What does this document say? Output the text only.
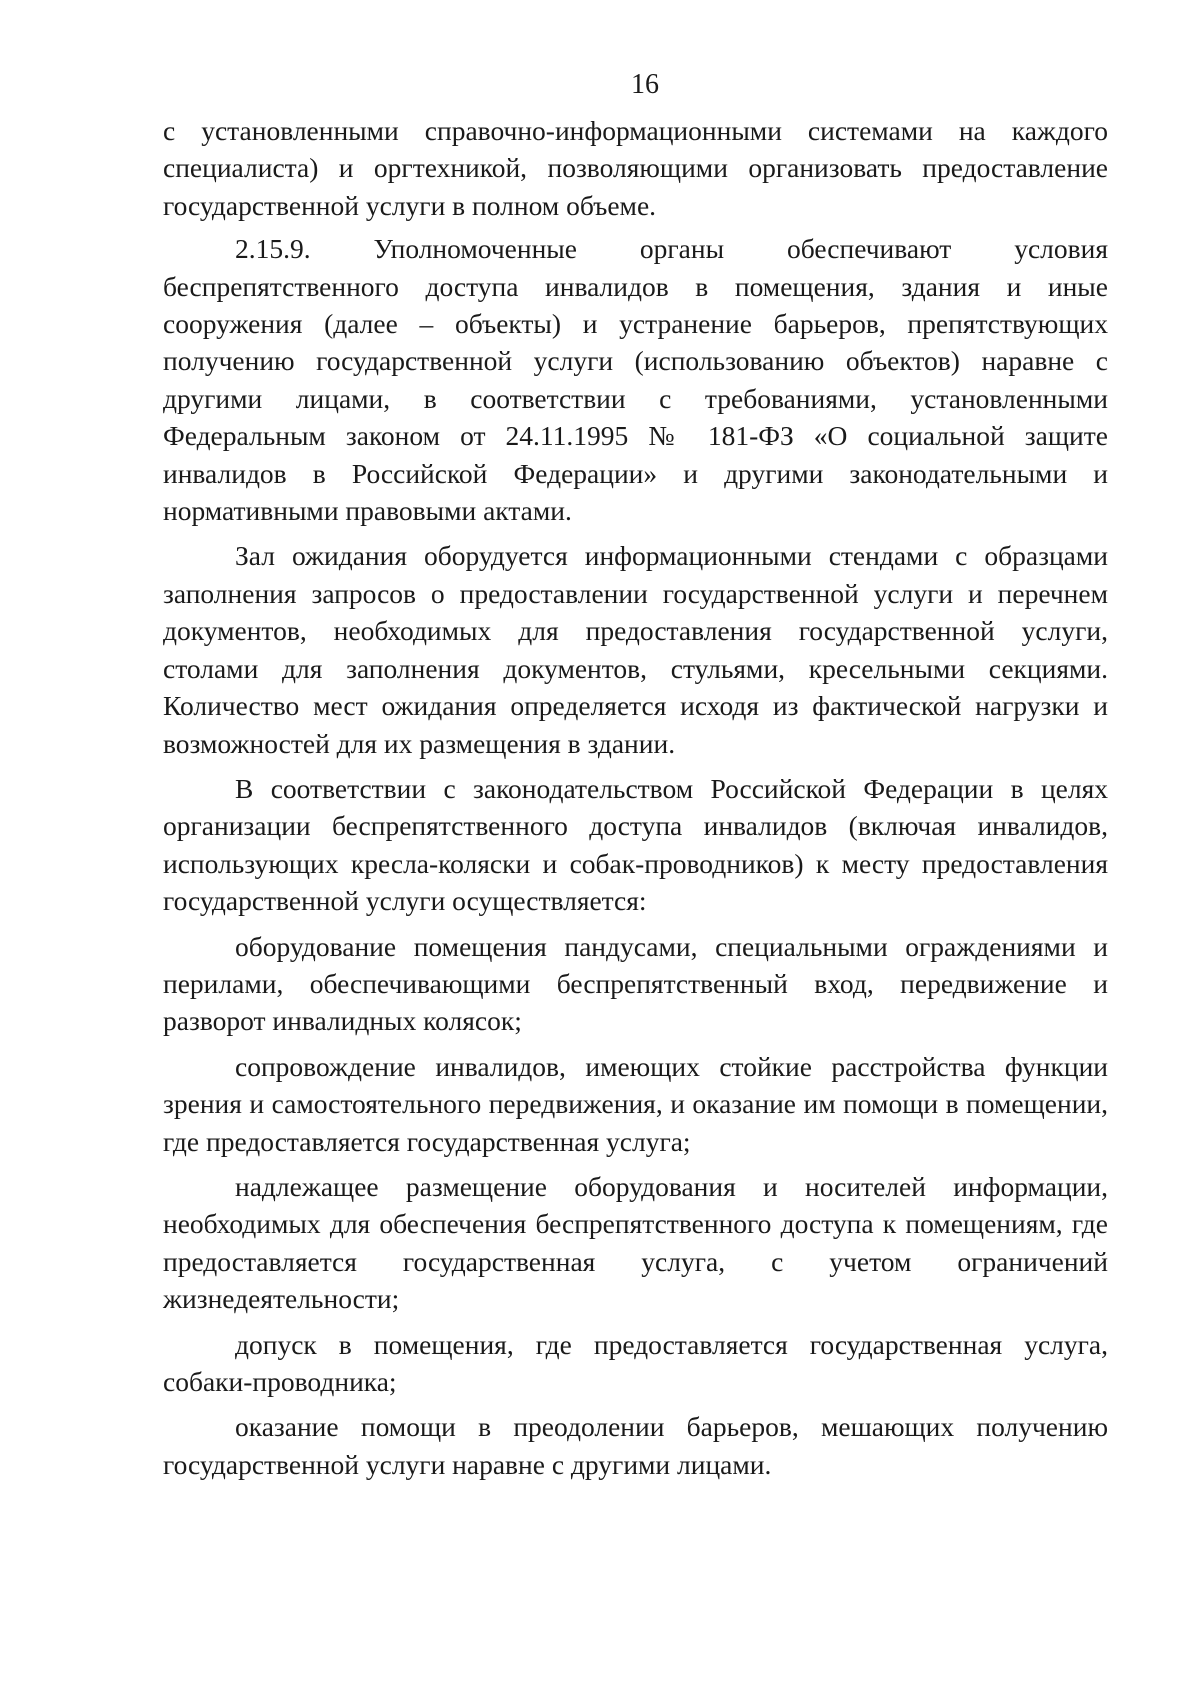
16

с установленными справочно-информационными системами на каждого специалиста) и оргтехникой, позволяющими организовать предоставление государственной услуги в полном объеме.

2.15.9. Уполномоченные органы обеспечивают условия беспрепятственного доступа инвалидов в помещения, здания и иные сооружения (далее – объекты) и устранение барьеров, препятствующих получению государственной услуги (использованию объектов) наравне с другими лицами, в соответствии с требованиями, установленными Федеральным законом от 24.11.1995 № 181-ФЗ «О социальной защите инвалидов в Российской Федерации» и другими законодательными и нормативными правовыми актами.

Зал ожидания оборудуется информационными стендами с образцами заполнения запросов о предоставлении государственной услуги и перечнем документов, необходимых для предоставления государственной услуги, столами для заполнения документов, стульями, кресельными секциями. Количество мест ожидания определяется исходя из фактической нагрузки и возможностей для их размещения в здании.

В соответствии с законодательством Российской Федерации в целях организации беспрепятственного доступа инвалидов (включая инвалидов, использующих кресла-коляски и собак-проводников) к месту предоставления государственной услуги осуществляется:

оборудование помещения пандусами, специальными ограждениями и перилами, обеспечивающими беспрепятственный вход, передвижение и разворот инвалидных колясок;

сопровождение инвалидов, имеющих стойкие расстройства функции зрения и самостоятельного передвижения, и оказание им помощи в помещении, где предоставляется государственная услуга;

надлежащее размещение оборудования и носителей информации, необходимых для обеспечения беспрепятственного доступа к помещениям, где предоставляется государственная услуга, с учетом ограничений жизнедеятельности;

допуск в помещения, где предоставляется государственная услуга, собаки-проводника;

оказание помощи в преодолении барьеров, мешающих получению государственной услуги наравне с другими лицами.
